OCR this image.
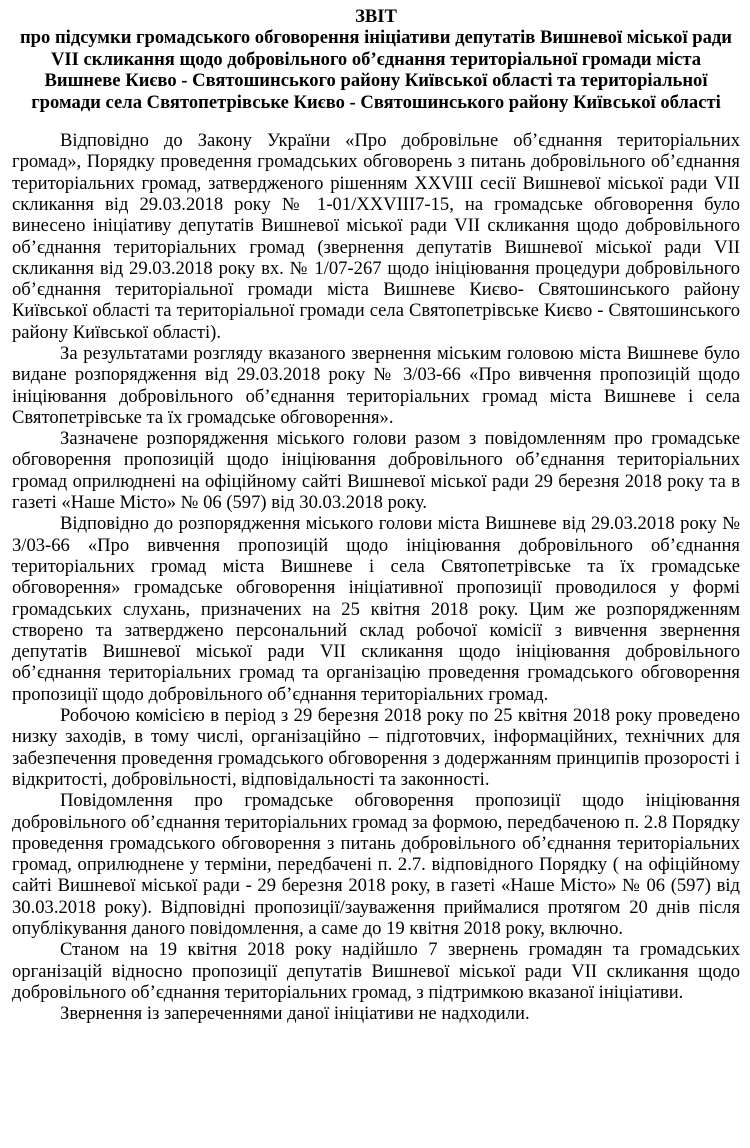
ЗВІТ
про підсумки громадського обговорення ініціативи депутатів Вишневої міської ради VII скликання щодо добровільного об’єднання територіальної громади міста Вишневе Києво - Святошинського району Київської області та територіальної громади села Святопетрівське Києво - Святошинського району Київської області

Відповідно до Закону України «Про добровільне об’єднання територіальних громад», Порядку проведення громадських обговорень з питань добровільного об’єднання територіальних громад, затвердженого рішенням XXVIII сесії Вишневої міської ради VII скликання від 29.03.2018 року № 1-01/XXVIII7-15, на громадське обговорення було винесено ініціативу депутатів Вишневої міської ради VII скликання щодо добровільного об’єднання територіальних громад (звернення депутатів Вишневої міської ради VII скликання від 29.03.2018 року вх. № 1/07-267 щодо ініціювання процедури добровільного об’єднання територіальної громади міста Вишневе Києво- Святошинського району Київської області та територіальної громади села Святопетрівське Києво - Святошинського району Київської області).

За результатами розгляду вказаного звернення міським головою міста Вишневе було видане розпорядження від 29.03.2018 року № 3/03-66 «Про вивчення пропозицій щодо ініціювання добровільного об’єднання територіальних громад міста Вишневе і села Святопетрівське та їх громадське обговорення».

Зазначене розпорядження міського голови разом з повідомленням про громадське обговорення пропозицій щодо ініціювання добровільного об’єднання територіальних громад оприлюднені на офіційному сайті Вишневої міської ради 29 березня 2018 року та в газеті «Наше Місто» № 06 (597) від 30.03.2018 року.

Відповідно до розпорядження міського голови міста Вишневе від 29.03.2018 року № 3/03-66 «Про вивчення пропозицій щодо ініціювання добровільного об’єднання територіальних громад міста Вишневе і села Святопетрівське та їх громадське обговорення» громадське обговорення ініціативної пропозиції проводилося у формі громадських слухань, призначених на 25 квітня 2018 року. Цим же розпорядженням створено та затверджено персональний склад робочої комісії з вивчення звернення депутатів Вишневої міської ради VII скликання щодо ініціювання добровільного об’єднання територіальних громад та організацію проведення громадського обговорення пропозиції щодо добровільного об’єднання територіальних громад.

Робочою комісією в період з 29 березня 2018 року по 25 квітня 2018 року проведено низку заходів, в тому числі, організаційно – підготовчих, інформаційних, технічних для забезпечення проведення громадського обговорення з додержанням принципів прозорості і відкритості, добровільності, відповідальності та законності.

Повідомлення про громадське обговорення пропозиції щодо ініціювання добровільного об’єднання територіальних громад за формою, передбаченою п. 2.8 Порядку проведення громадського обговорення з питань добровільного об’єднання територіальних громад, оприлюднене у терміни, передбачені п. 2.7. відповідного Порядку ( на офіційному сайті Вишневої міської ради - 29 березня 2018 року, в газеті «Наше Місто» № 06 (597) від 30.03.2018 року). Відповідні пропозиції/зауваження приймалися протягом 20 днів після опублікування даного повідомлення, а саме до 19 квітня 2018 року, включно.

Станом на 19 квітня 2018 року надійшло 7 звернень громадян та громадських організацій відносно пропозиції депутатів Вишневої міської ради VII скликання щодо добровільного об’єднання територіальних громад, з підтримкою вказаної ініціативи.

Звернення із запереченнями даної ініціативи не надходили.
